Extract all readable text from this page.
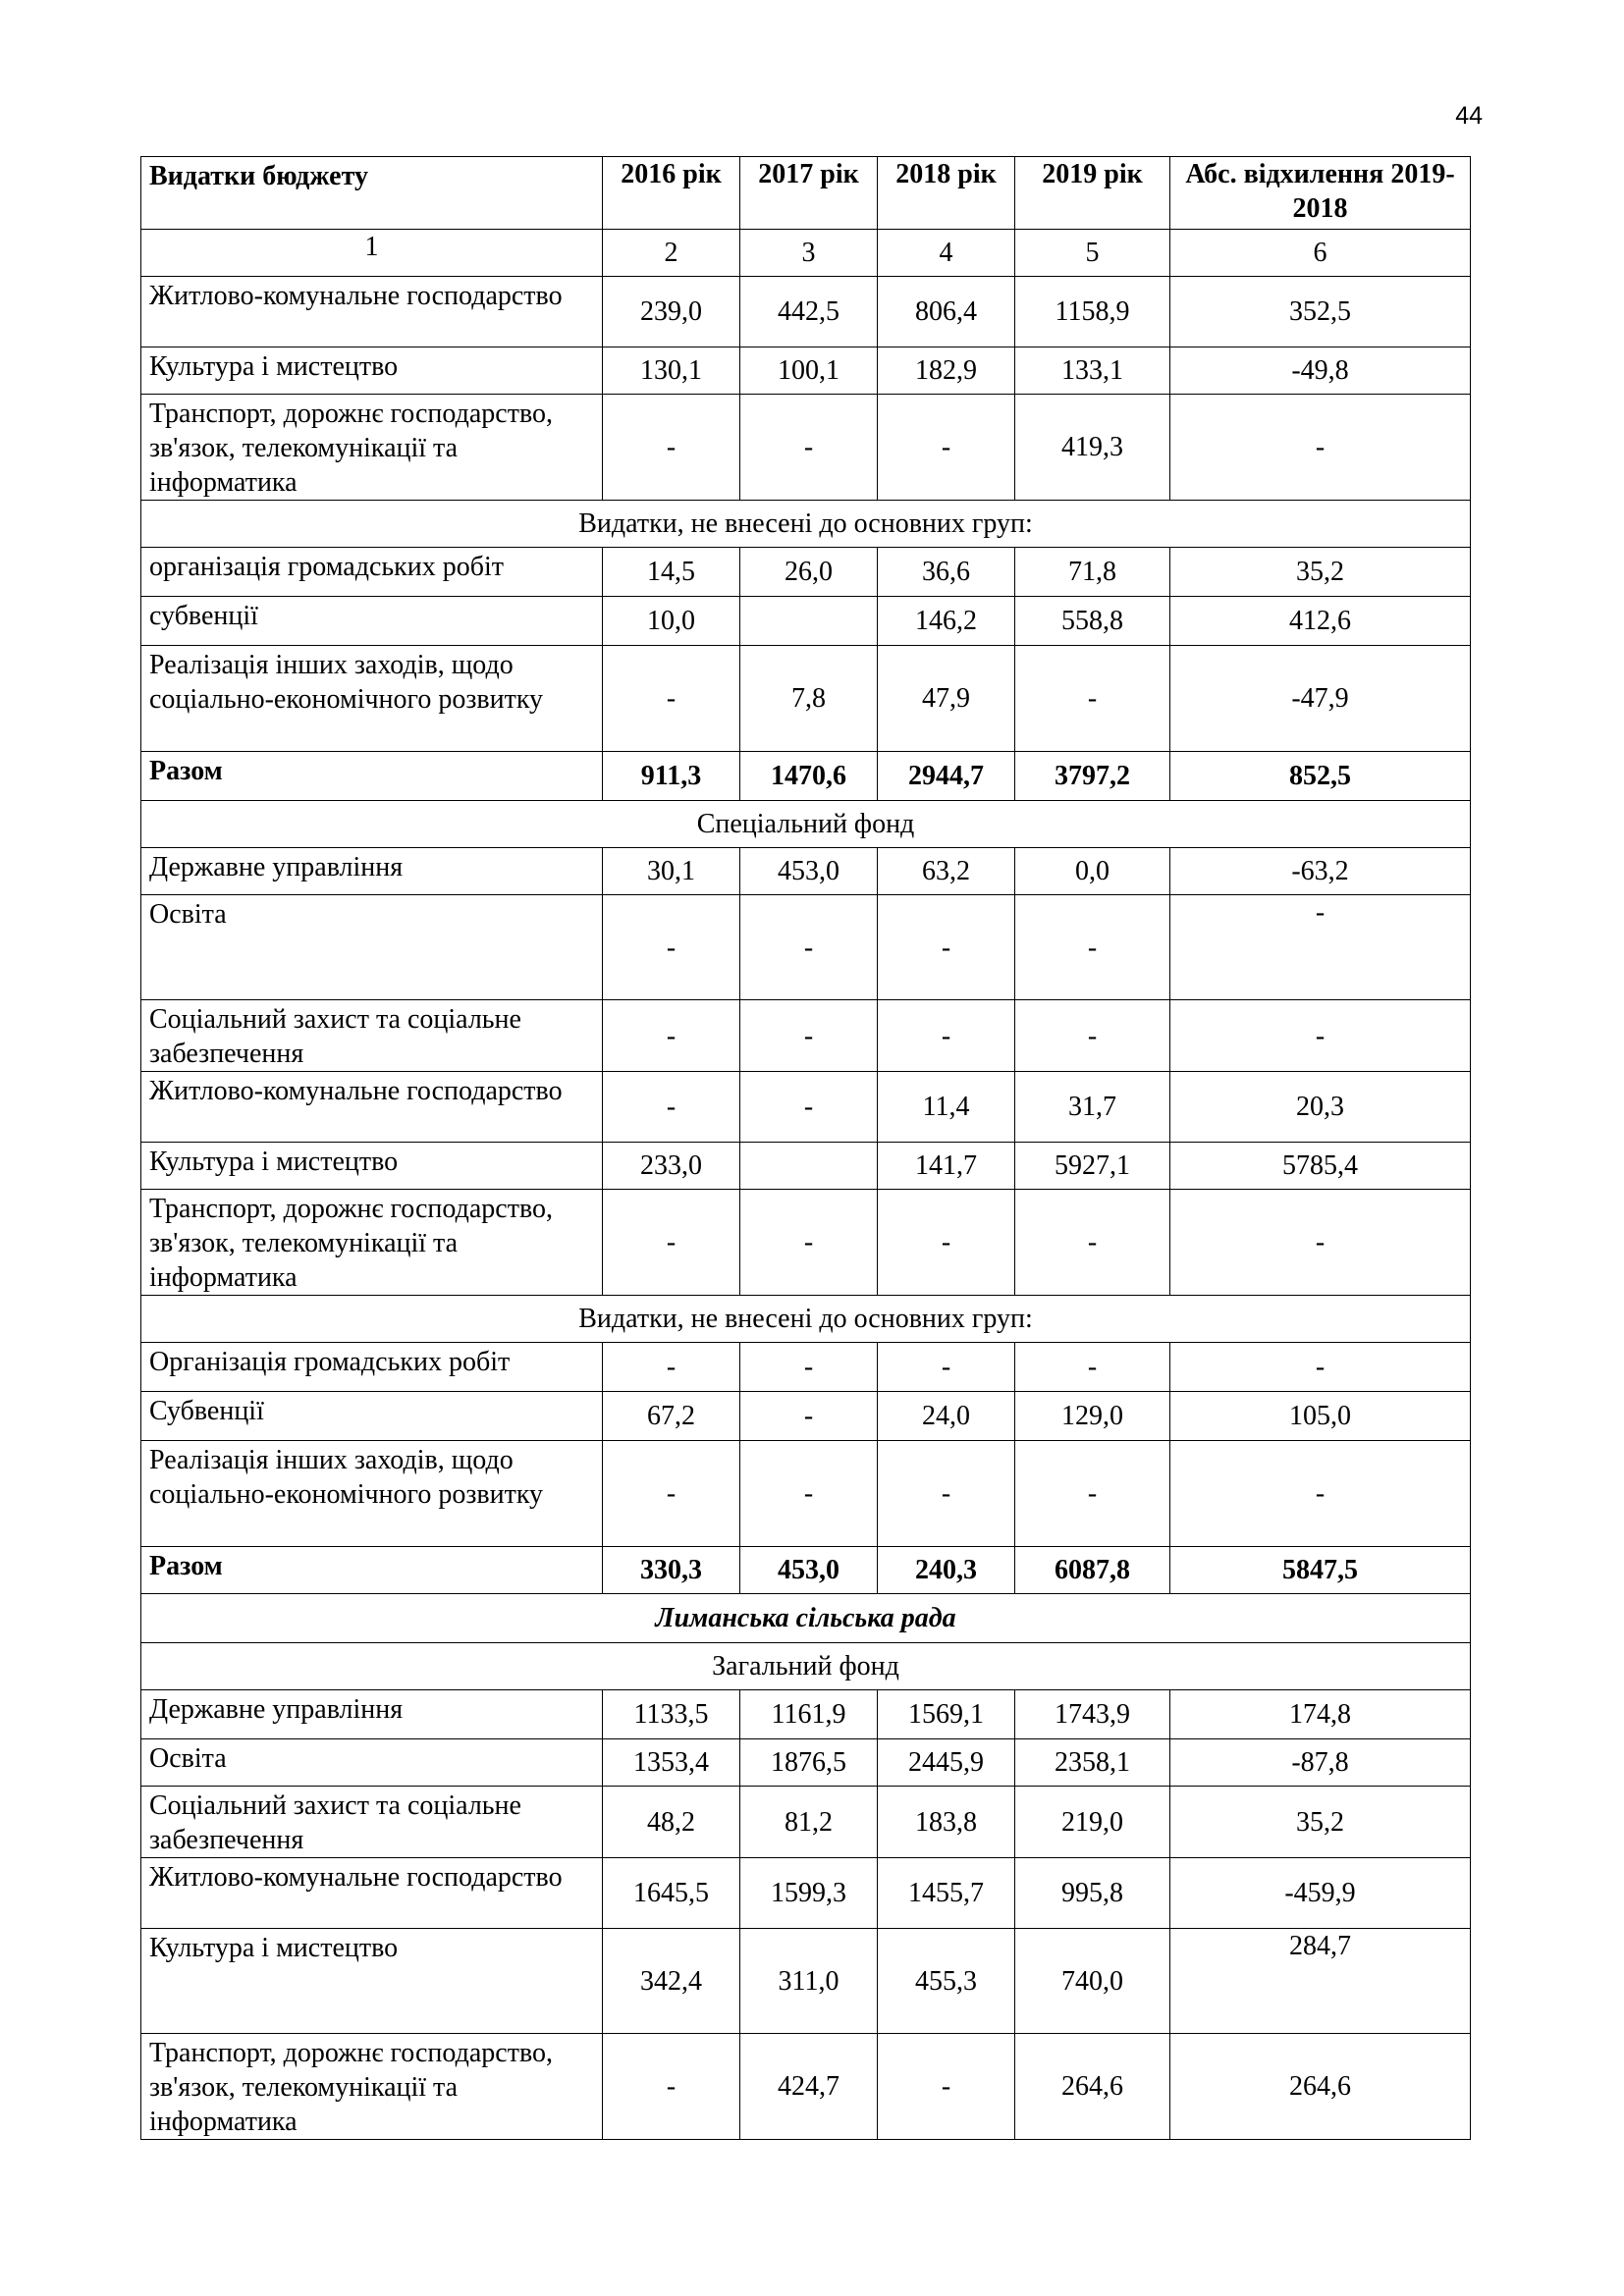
44
Видатки бюджету	2016 рік	2017 рік	2018 рік	2019 рік	Абс. відхилення 2019-2018
1	2	3	4	5	6
Житлово-комунальне господарство	239,0	442,5	806,4	1158,9	352,5
Культура і мистецтво	130,1	100,1	182,9	133,1	-49,8
Транспорт, дорожнє господарство, зв'язок, телекомунікації та інформатика	-	-	-	419,3	-
Видатки, не внесені до основних груп:					
організація громадських робіт	14,5	26,0	36,6	71,8	35,2
субвенції	10,0		146,2	558,8	412,6
Реалізація інших заходів, щодо соціально-економічного розвитку	-	7,8	47,9	-	-47,9
Разом	911,3	1470,6	2944,7	3797,2	852,5
Спеціальний фонд					
Державне управління	30,1	453,0	63,2	0,0	-63,2
Освіта	-	-	-	-	-
Соціальний захист та соціальне забезпечення	-	-	-	-	-
Житлово-комунальне господарство	-	-	11,4	31,7	20,3
Культура і мистецтво	233,0		141,7	5927,1	5785,4
Транспорт, дорожнє господарство, зв'язок, телекомунікації та інформатика	-	-	-	-	-
Видатки, не внесені до основних груп:					
Організація громадських робіт	-	-	-	-	-
Субвенції	67,2	-	24,0	129,0	105,0
Реалізація інших заходів, щодо соціально-економічного розвитку	-	-	-	-	-
Разом	330,3	453,0	240,3	6087,8	5847,5
Лиманська сільська рада					
Загальний фонд					
Державне управління	1133,5	1161,9	1569,1	1743,9	174,8
Освіта	1353,4	1876,5	2445,9	2358,1	-87,8
Соціальний захист та соціальне забезпечення	48,2	81,2	183,8	219,0	35,2
Житлово-комунальне господарство	1645,5	1599,3	1455,7	995,8	-459,9
Культура і мистецтво	342,4	311,0	455,3	740,0	284,7
Транспорт, дорожнє господарство, зв'язок, телекомунікації та інформатика	-	424,7	-	264,6	264,6
